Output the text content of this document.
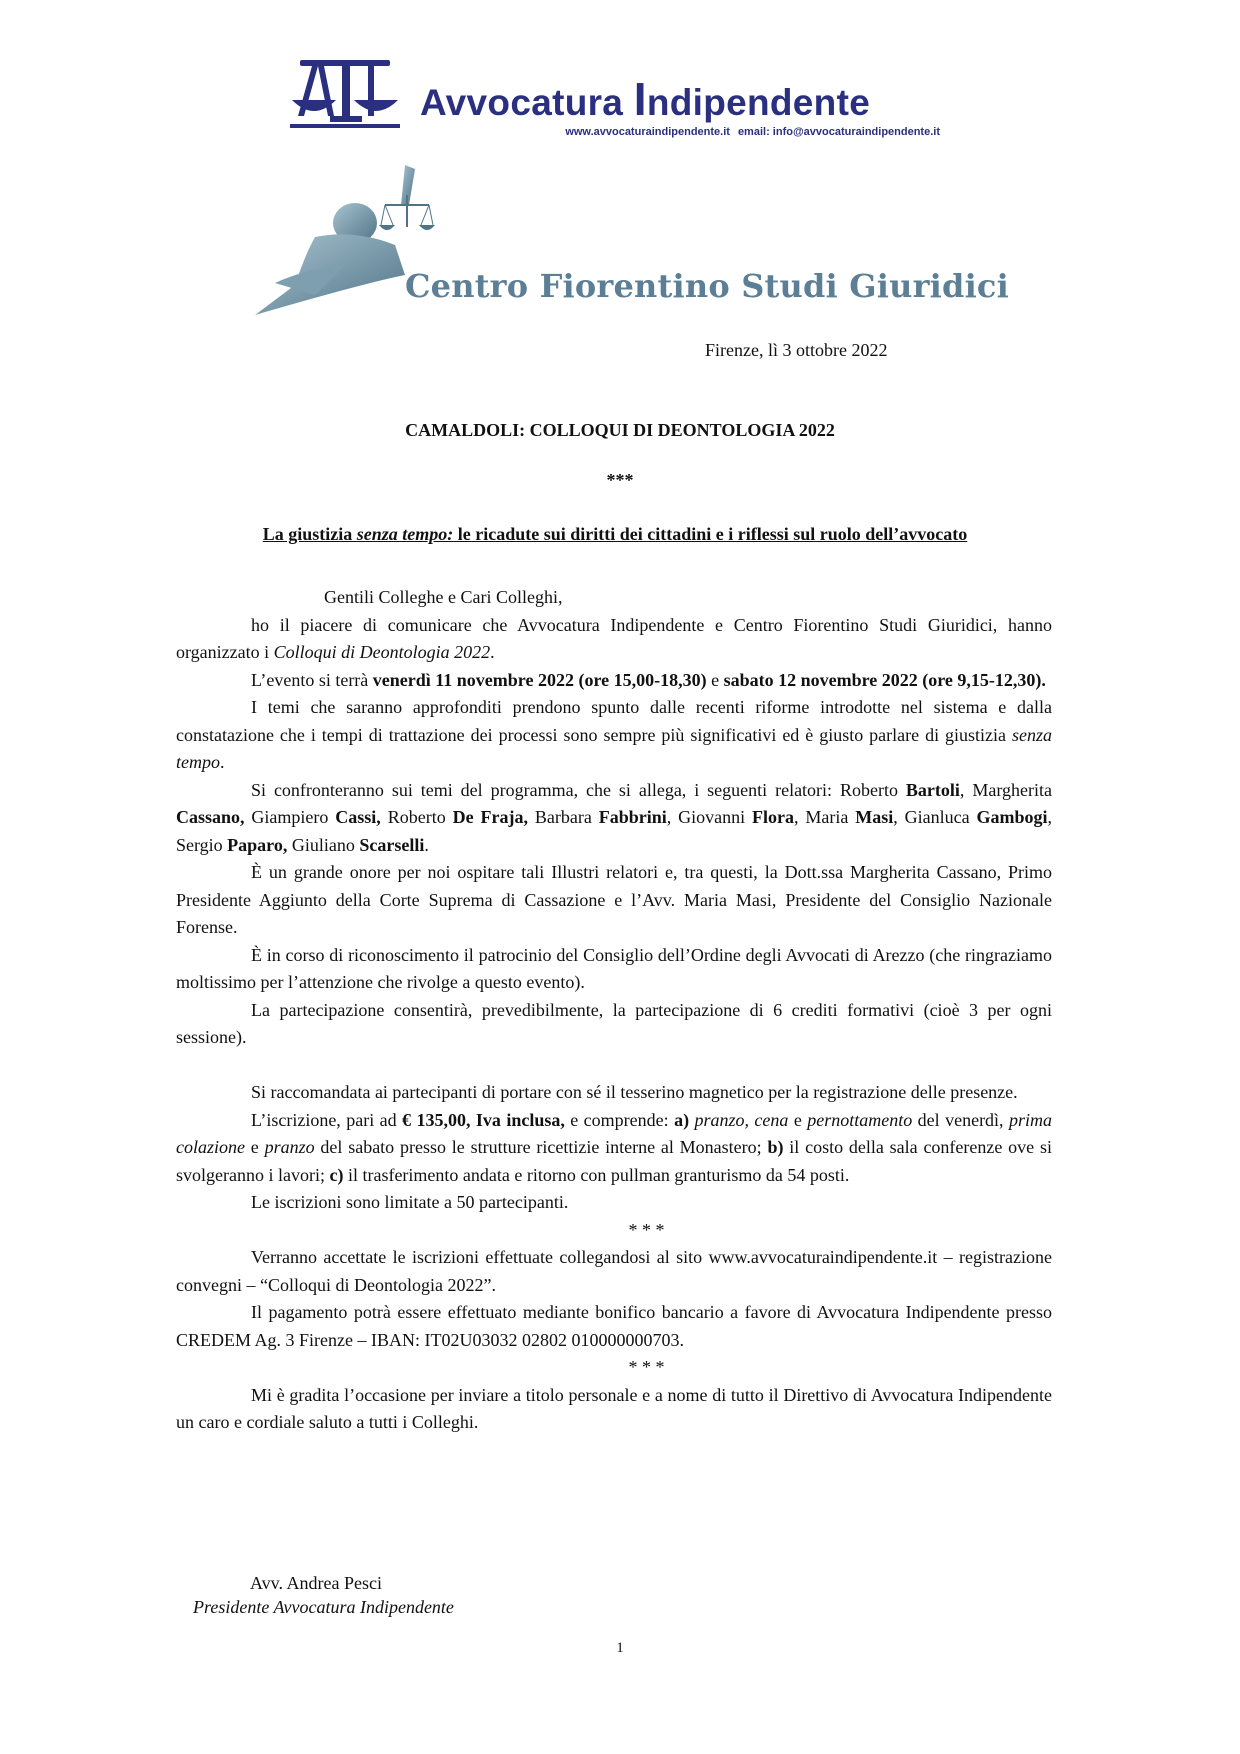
Avvocatura Indipendente
www.avvocaturaindipendente.it email: info@avvocaturaindipendente.it
Centro Fiorentino Studi Giuridici
Firenze, lì 3 ottobre 2022
CAMALDOLI: COLLOQUI DI DEONTOLOGIA 2022
***
La giustizia senza tempo: le ricadute sui diritti dei cittadini e i riflessi sul ruolo dell’avvocato

Gentili Colleghe e Cari Colleghi,

ho il piacere di comunicare che Avvocatura Indipendente e Centro Fiorentino Studi Giuridici, hanno organizzato i Colloqui di Deontologia 2022.

L’evento si terrà venerdì 11 novembre 2022 (ore 15,00-18,30) e sabato 12 novembre 2022 (ore 9,15-12,30).

I temi che saranno approfonditi prendono spunto dalle recenti riforme introdotte nel sistema e dalla constatazione che i tempi di trattazione dei processi sono sempre più significativi ed è giusto parlare di giustizia senza tempo.

Si confronteranno sui temi del programma, che si allega, i seguenti relatori: Roberto Bartoli, Margherita Cassano, Giampiero Cassi, Roberto De Fraja, Barbara Fabbrini, Giovanni Flora, Maria Masi, Gianluca Gambogi, Sergio Paparo, Giuliano Scarselli.

È un grande onore per noi ospitare tali Illustri relatori e, tra questi, la Dott.ssa Margherita Cassano, Primo Presidente Aggiunto della Corte Suprema di Cassazione e l’Avv. Maria Masi, Presidente del Consiglio Nazionale Forense.

È in corso di riconoscimento il patrocinio del Consiglio dell’Ordine degli Avvocati di Arezzo (che ringraziamo moltissimo per l’attenzione che rivolge a questo evento).

La partecipazione consentirà, prevedibilmente, la partecipazione di 6 crediti formativi (cioè 3 per ogni sessione).

Si raccomandata ai partecipanti di portare con sé il tesserino magnetico per la registrazione delle presenze.

L’iscrizione, pari ad € 135,00, Iva inclusa, e comprende: a) pranzo, cena e pernottamento del venerdì, prima colazione e pranzo del sabato presso le strutture ricettizie interne al Monastero; b) il costo della sala conferenze ove si svolgeranno i lavori; c) il trasferimento andata e ritorno con pullman granturismo da 54 posti.

Le iscrizioni sono limitate a 50 partecipanti.

* * *

Verranno accettate le iscrizioni effettuate collegandosi al sito www.avvocaturaindipendente.it – registrazione convegni – “Colloqui di Deontologia 2022”.

Il pagamento potrà essere effettuato mediante bonifico bancario a favore di Avvocatura Indipendente presso CREDEM Ag. 3 Firenze – IBAN: IT02U03032 02802 010000000703.

* * *

Mi è gradita l’occasione per inviare a titolo personale e a nome di tutto il Direttivo di Avvocatura Indipendente un caro e cordiale saluto a tutti i Colleghi.

Avv. Andrea Pesci
Presidente Avvocatura Indipendente
1
